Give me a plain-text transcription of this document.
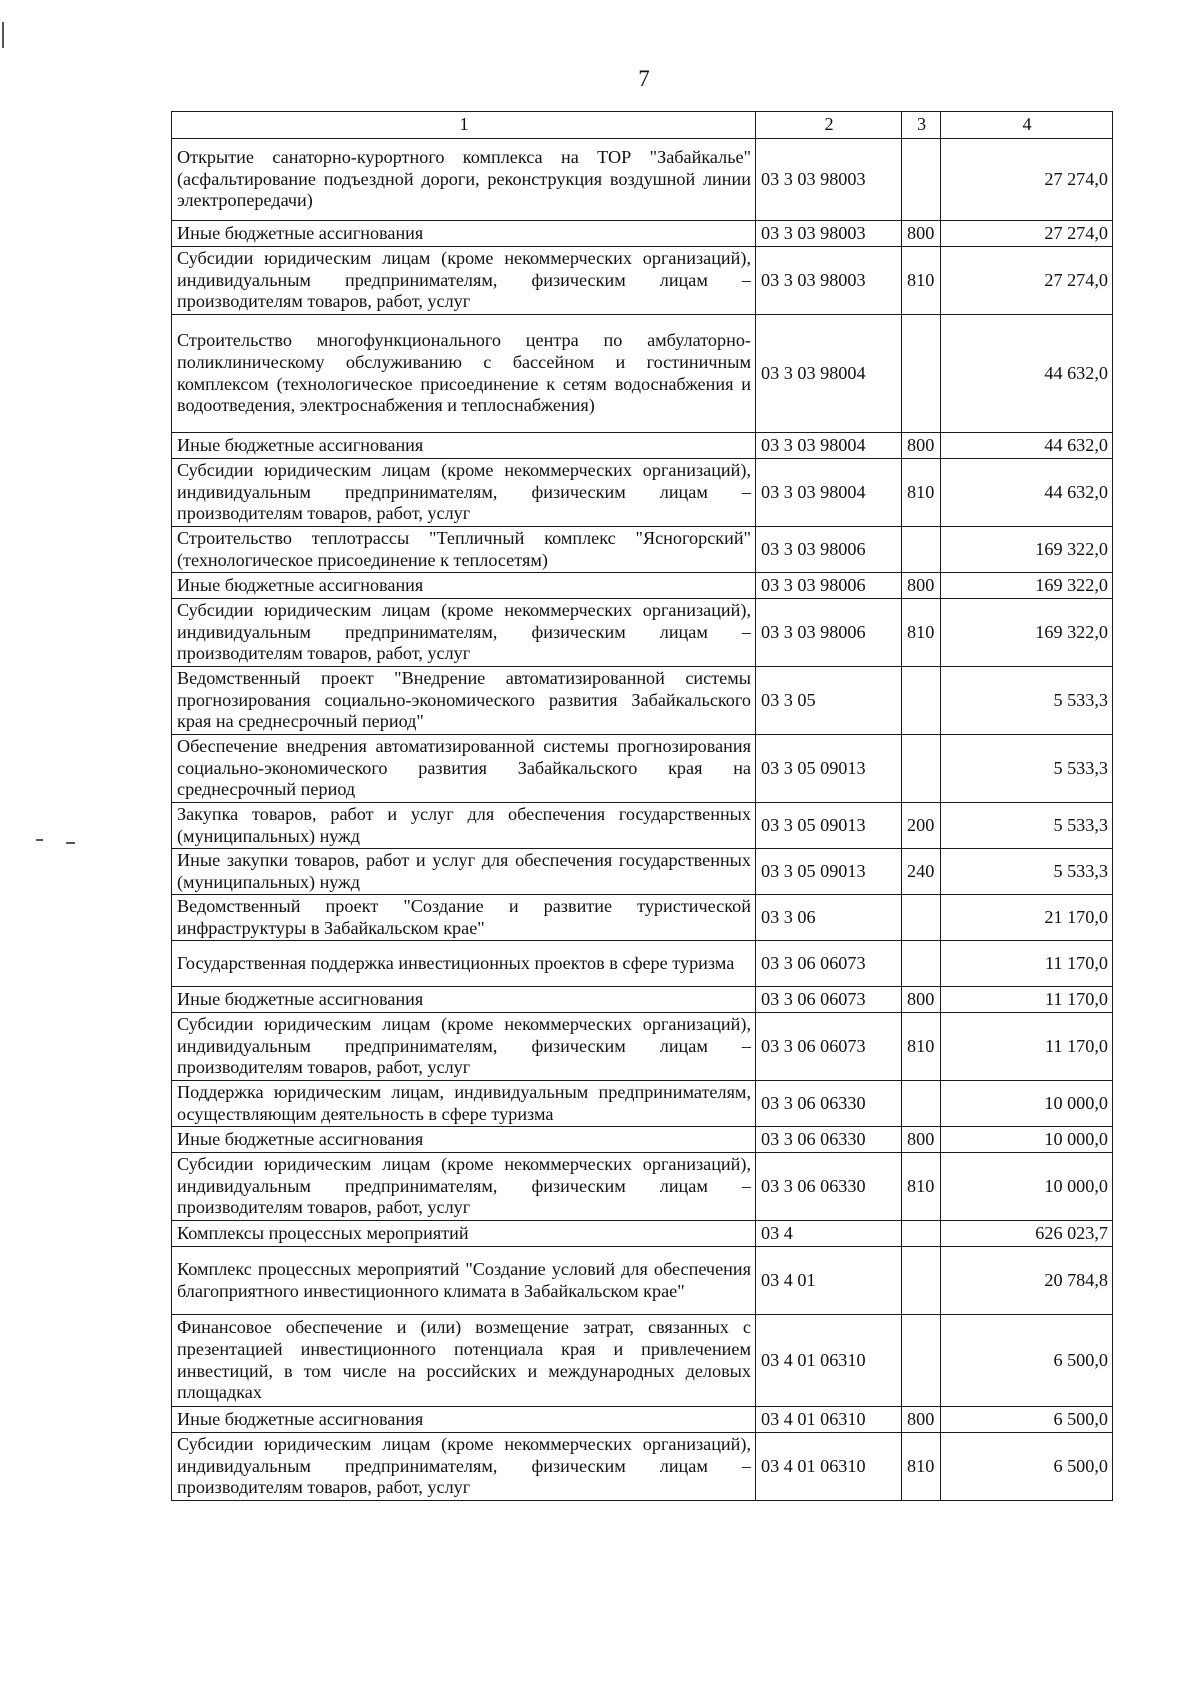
7
1	2	3	4
Открытие санаторно-курортного комплекса на ТОР "Забайкалье" (асфальтирование подъездной дороги, реконструкция воздушной линии электропередачи)	03 3 03 98003		27 274,0
Иные бюджетные ассигнования	03 3 03 98003	800	27 274,0
Субсидии юридическим лицам (кроме некоммерческих организаций), индивидуальным предпринимателям, физическим лицам – производителям товаров, работ, услуг	03 3 03 98003	810	27 274,0
Строительство многофункционального центра по амбулаторно-поликлиническому обслуживанию с бассейном и гостиничным комплексом (технологическое присоединение к сетям водоснабжения и водоотведения, электроснабжения и теплоснабжения)	03 3 03 98004		44 632,0
Иные бюджетные ассигнования	03 3 03 98004	800	44 632,0
Субсидии юридическим лицам (кроме некоммерческих организаций), индивидуальным предпринимателям, физическим лицам – производителям товаров, работ, услуг	03 3 03 98004	810	44 632,0
Строительство теплотрассы "Тепличный комплекс "Ясногорский" (технологическое присоединение к теплосетям)	03 3 03 98006		169 322,0
Иные бюджетные ассигнования	03 3 03 98006	800	169 322,0
Субсидии юридическим лицам (кроме некоммерческих организаций), индивидуальным предпринимателям, физическим лицам – производителям товаров, работ, услуг	03 3 03 98006	810	169 322,0
Ведомственный проект "Внедрение автоматизированной системы прогнозирования социально-экономического развития Забайкальского края на среднесрочный период"	03 3 05		5 533,3
Обеспечение внедрения автоматизированной системы прогнозирования социально-экономического развития Забайкальского края на среднесрочный период	03 3 05 09013		5 533,3
Закупка товаров, работ и услуг для обеспечения государственных (муниципальных) нужд	03 3 05 09013	200	5 533,3
Иные закупки товаров, работ и услуг для обеспечения государственных (муниципальных) нужд	03 3 05 09013	240	5 533,3
Ведомственный проект "Создание и развитие туристической инфраструктуры в Забайкальском крае"	03 3 06		21 170,0
Государственная поддержка инвестиционных проектов в сфере туризма	03 3 06 06073		11 170,0
Иные бюджетные ассигнования	03 3 06 06073	800	11 170,0
Субсидии юридическим лицам (кроме некоммерческих организаций), индивидуальным предпринимателям, физическим лицам – производителям товаров, работ, услуг	03 3 06 06073	810	11 170,0
Поддержка юридическим лицам, индивидуальным предпринимателям, осуществляющим деятельность в сфере туризма	03 3 06 06330		10 000,0
Иные бюджетные ассигнования	03 3 06 06330	800	10 000,0
Субсидии юридическим лицам (кроме некоммерческих организаций), индивидуальным предпринимателям, физическим лицам – производителям товаров, работ, услуг	03 3 06 06330	810	10 000,0
Комплексы процессных мероприятий	03 4		626 023,7
Комплекс процессных мероприятий "Создание условий для обеспечения благоприятного инвестиционного климата в Забайкальском крае"	03 4 01		20 784,8
Финансовое обеспечение и (или) возмещение затрат, связанных с презентацией инвестиционного потенциала края и привлечением инвестиций, в том числе на российских и международных деловых площадках	03 4 01 06310		6 500,0
Иные бюджетные ассигнования	03 4 01 06310	800	6 500,0
Субсидии юридическим лицам (кроме некоммерческих организаций), индивидуальным предпринимателям, физическим лицам – производителям товаров, работ, услуг	03 4 01 06310	810	6 500,0
